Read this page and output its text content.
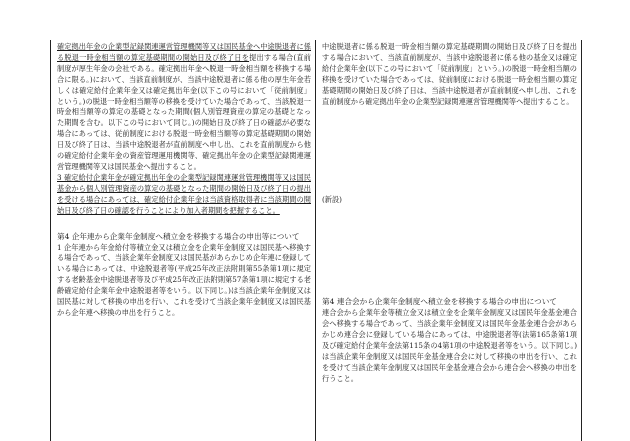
確定拠出年金の企業型記録関連運営管理機関等又は国民基金へ中途脱退者に係る脱退一時金相当額の算定基礎期間の開始日及び終了日を提出する場合(直前制度が厚生年金の会社である。確定拠出年金へ脱退一時金相当額を移換する場合に限る。)において、当該直前制度が、当該中途脱退者に係る他の厚生年金若しくは確定給付企業年金又は確定拠出年金(以下この号において「従前制度」という。)の脱退一時金相当額等の移換を受けていた場合であって、当該脱退一時金相当額等の算定の基礎となった期間(個人別管理資産の算定の基礎となった期間を含む。以下この号において同じ。)の開始日及び終了日の確認が必要な場合にあっては、従前制度における脱退一時金相当額等の算定基礎期間の開始日及び終了日は、当該中途脱退者が直前制度へ申し出、これを直前制度から他の確定給付企業年金の資産管理運用機関等、確定拠出年金の企業型記録関連運営管理機関等又は国民基金へ提出すること。

3 確定給付企業年金が確定拠出年金の企業型記録関連運営管理機関等又は国民基金から個人別管理資産の算定の基礎となった期間の開始日及び終了日の提出を受ける場合にあっては、確定給付企業年金は当該資格取得者に当該期間の開始日及び終了日の確認を行うことにより加入者期間を把握すること。

第4 企年連から企業年金制度へ積立金を移換する場合の申出等について

1 企年連から年金給付等積立金又は積立金を企業年金制度又は国民基へ移換する場合であって、当該企業年金制度又は国民基があらかじめ企年連に登録している場合にあっては、中途脱退者等(平成25年改正法附則第55条第1項に規定する老齢基金中途脱退者等及び平成25年改正法附則第57条第1項に規定する老齢確定給付企業年金中途脱退者等をいう。以下同じ。)は当該企業年金制度又は国民基に対して移換の申出を行い、これを受けて当該企業年金制度又は国民基から企年連へ移換の申出を行うこと。

中途脱退者に係る脱退一時金相当額の算定基礎期間の開始日及び終了日を提出する場合において、当該直前制度が、当該中途脱退者に係る他の基金又は確定給付企業年金(以下この号において「従前制度」という。)の脱退一時金相当額の移換を受けていた場合であっては、従前制度における脱退一時金相当額の算定基礎期間の開始日及び終了日は、当該中途脱退者が直前制度へ申し出、これを直前制度から確定拠出年金の企業型記録関連運営管理機関等へ提出すること。

(新設)

第4 連合会から企業年金制度へ積立金を移換する場合の申出について

連合会から企業年金等積立金又は積立金を企業年金制度又は国民年金基金連合会へ移換する場合であって、当該企業年金制度又は国民年金基金連合会があらかじめ連合会に登録している場合にあっては、中途脱退者等(法第165条第1項及び確定給付企業年金法第115条の4第1項の中途脱退者等をいう。以下同じ。)は当該企業年金制度又は国民年金基金連合会に対して移換の申出を行い、これを受けて当該企業年金制度又は国民年金基金連合会から連合会へ移換の申出を行うこと。
